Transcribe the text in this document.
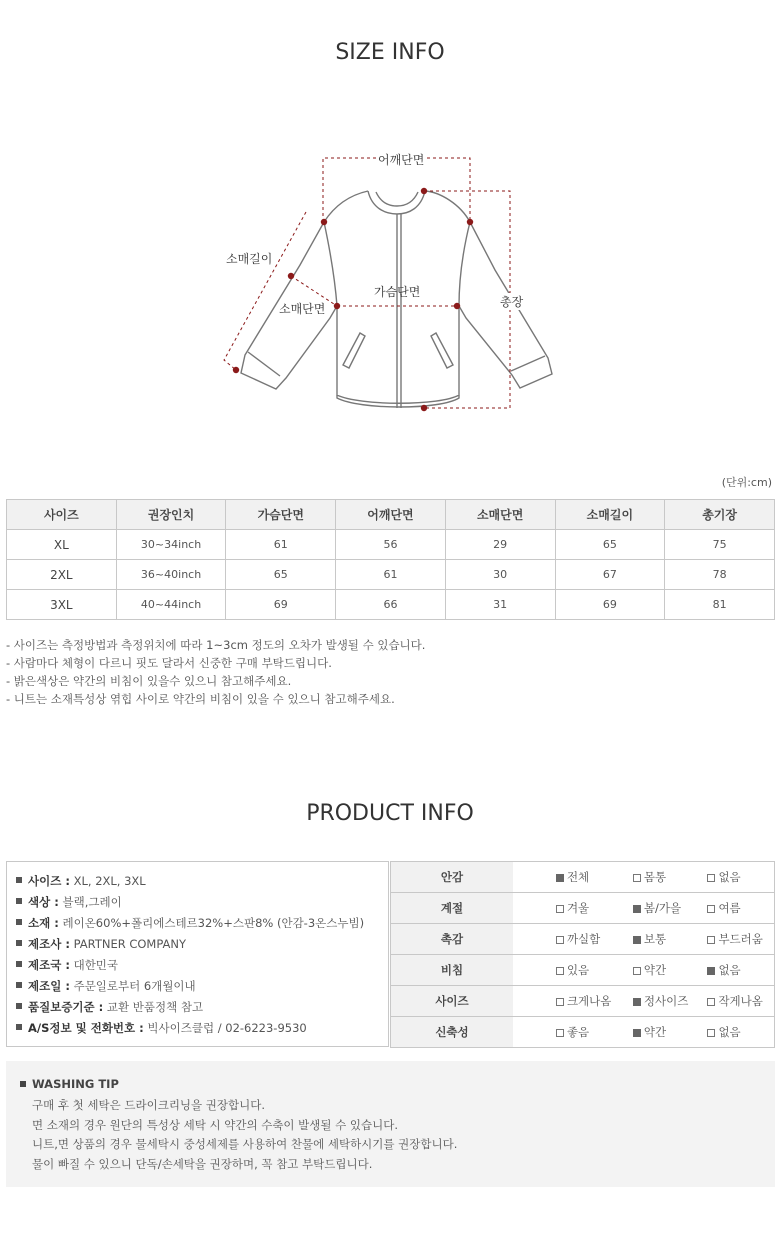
SIZE INFO
어깨단면
소매길이
가슴단면
소매단면	총장
(단위:cm)
사이즈	권장인치	가슴단면	어깨단면	소매단면	소매길이	총기장
XL	30~34inch	61	56	29	65	75
2XL	36~40inch	65	61	30	67	78
3XL	40~44inch	69	66	31	69	81
- 사이즈는 측정방법과 측정위치에 따라 1~3cm 정도의 오차가 발생될 수 있습니다.
- 사람마다 체형이 다르니 핏도 달라서 신중한 구매 부탁드립니다.
- 밝은색상은 약간의 비침이 있을수 있으니 참고해주세요.
- 니트는 소재특성상 엮힙 사이로 약간의 비침이 있을 수 있으니 참고해주세요.
PRODUCT INFO
사이즈 : XL, 2XL, 3XL
색상 : 블랙,그레이
소재 : 레이온60%+폴리에스테르32%+스판8% (안감-3온스누빔)
제조사 : PARTNER COMPANY
제조국 : 대한민국
제조일 : 주문일로부터 6개월이내
품질보증기준 : 교환 반품정책 참고
A/S정보 및 전화번호 : 빅사이즈클럽 / 02-6223-9530
안감	전체	몸통	없음
계절	겨울	봄/가을	여름
촉감	까실함	보통	부드러움
비침	있음	약간	없음
사이즈	크게나옴	정사이즈	작게나옴
신축성	좋음	약간	없음
WASHING TIP
구매 후 첫 세탁은 드라이크리닝을 권장합니다.
면 소재의 경우 원단의 특성상 세탁 시 약간의 수축이 발생될 수 있습니다.
니트,면 상품의 경우 물세탁시 중성세제를 사용하여 찬물에 세탁하시기를 권장합니다.
물이 빠질 수 있으니 단독/손세탁을 권장하며, 꼭 참고 부탁드립니다.
